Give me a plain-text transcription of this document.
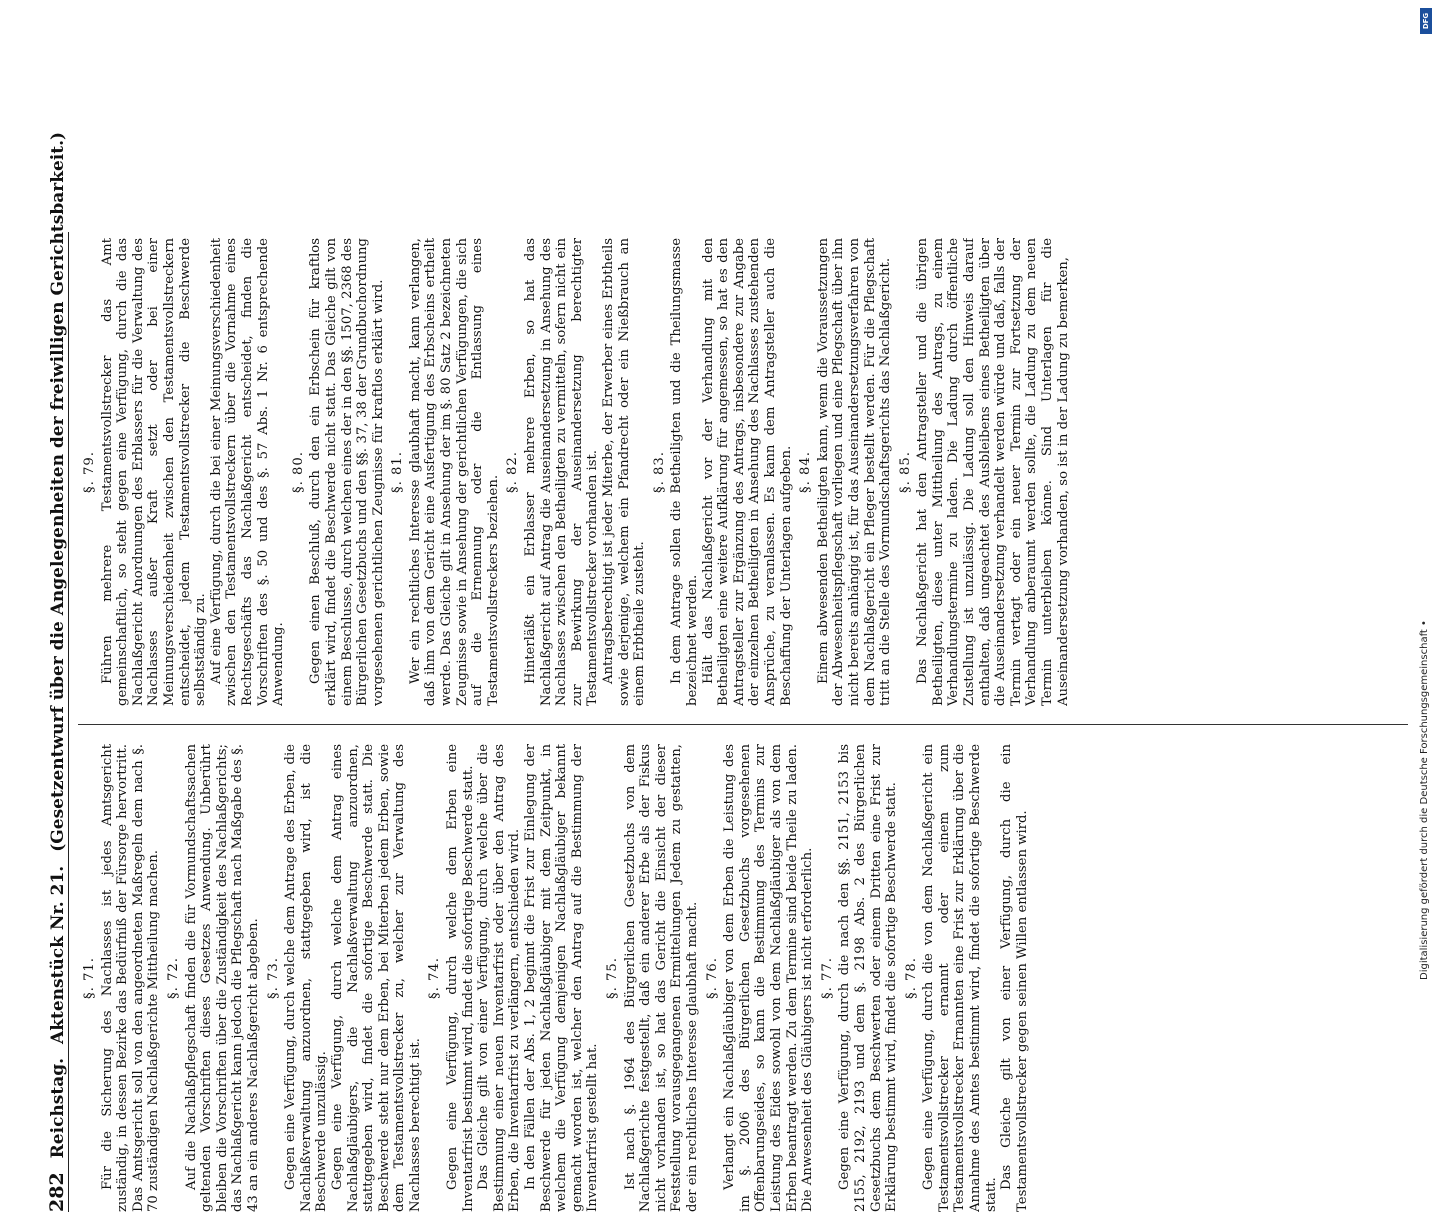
282
Reichstag.
Aktenstück Nr. 21.
(Gesetzentwurf über die Angelegenheiten der freiwilligen Gerichtsbarkeit.)
§. 71. Für die Sicherung des Nachlasses ist jedes Amtsgericht zuständig, in dessen Bezirke das Bedürfniß der Fürsorge hervortritt. Das Amtsgericht soll von den angeordneten Maßregeln dem nach §. 70 zuständigen Nachlaßgerichte Mittheilung machen. §. 72. Auf die Nachlaßpflegschaft finden die für Vormundschaftssachen geltenden Vorschriften dieses Gesetzes Anwendung. Unberührt bleiben die Vorschriften über die Zuständigkeit des Nachlaßgerichts; das Nachlaßgericht kann jedoch die Pflegschaft nach Maßgabe des §. 43 an ein anderes Nachlaßgericht abgeben. §. 73. Gegen eine Verfügung, durch welche dem Antrage des Erben, die Nachlaßverwaltung anzuordnen, stattgegeben wird, ist die Beschwerde unzulässig. Gegen eine Verfügung, durch welche dem Antrag eines Nachlaßgläubigers, die Nachlaßverwaltung anzuordnen, stattgegeben wird, findet die sofortige Beschwerde statt. Die Beschwerde steht nur dem Erben, bei Miterben jedem Erben, sowie dem Testamentsvollstrecker zu, welcher zur Verwaltung des Nachlasses berechtigt ist.

§. 74. Gegen eine Verfügung, durch welche dem Erben eine Inventarfrist bestimmt wird, findet die sofortige Beschwerde statt. Das Gleiche gilt von einer Verfügung, durch welche über die Bestimmung einer neuen Inventarfrist oder über den Antrag des Erben, die Inventarfrist zu verlängern, entschieden wird. In den Fällen der Abs. 1, 2 beginnt die Frist zur Einlegung der Beschwerde für jeden Nachlaßgläubiger mit dem Zeitpunkt, in welchem die Verfügung demjenigen Nachlaßgläubiger bekannt gemacht worden ist, welcher den Antrag auf die Bestimmung der Inventarfrist gestellt hat.

§. 75. Ist nach §. 1964 des Bürgerlichen Gesetzbuchs von dem Nachlaßgerichte festgestellt, daß ein anderer Erbe als der Fiskus nicht vorhanden ist, so hat das Gericht die Einsicht der dieser Feststellung vorausgegangenen Ermittelungen Jedem zu gestatten, der ein rechtliches Interesse glaubhaft macht. §. 76. Verlangt ein Nachlaßgläubiger von dem Erben die Leistung des im §. 2006 des Bürgerlichen Gesetzbuchs vorgesehenen Offenbarungseides, so kann die Bestimmung des Termins zur Leistung des Eides sowohl von dem Nachlaßgläubiger als von dem Erben beantragt werden. Zu dem Termine sind beide Theile zu laden. Die Anwesenheit des Gläubigers ist nicht erforderlich. §. 77. Gegen eine Verfügung, durch die nach den §§. 2151, 2153 bis 2155, 2192, 2193 und dem §. 2198 Abs. 2 des Bürgerlichen Gesetzbuchs dem Beschwerten oder einem Dritten eine Frist zur Erklärung bestimmt wird, findet die sofortige Beschwerde statt. §. 78. Gegen eine Verfügung, durch die von dem Nachlaßgericht ein Testamentsvollstrecker ernannt oder einem zum Testamentsvollstrecker Ernannten eine Frist zur Erklärung über die Annahme des Amtes bestimmt wird, findet die sofortige Beschwerde statt.

Das Gleiche gilt von einer Verfügung, durch die ein Testamentsvollstrecker gegen seinen Willen entlassen wird.

§. 79. Führen mehrere Testamentsvollstrecker das Amt gemeinschaftlich, so steht gegen eine Verfügung, durch die das Nachlaßgericht Anordnungen des Erblassers für die Verwaltung des Nachlasses außer Kraft setzt oder bei einer Meinungsverschiedenheit zwischen den Testamentsvollstreckern entscheidet, jedem Testamentsvollstrecker die Beschwerde selbstständig zu. Auf eine Verfügung, durch die bei einer Meinungsverschiedenheit zwischen den Testamentsvollstreckern über die Vornahme eines Rechtsgeschäfts das Nachlaßgericht entscheidet, finden die Vorschriften des §. 50 und des §. 57 Abs. 1 Nr. 6 entsprechende Anwendung.

§. 80. Gegen einen Beschluß, durch den ein Erbschein für kraftlos erklärt wird, findet die Beschwerde nicht statt. Das Gleiche gilt von einem Beschlusse, durch welchen eines der in den §§. 1507, 2368 des Bürgerlichen Gesetzbuchs und den §§. 37, 38 der Grundbuchordnung vorgesehenen gerichtlichen Zeugnisse für kraftlos erklärt wird. §. 81. Wer ein rechtliches Interesse glaubhaft macht, kann verlangen, daß ihm von dem Gericht eine Ausfertigung des Erbscheins ertheilt werde. Das Gleiche gilt in Ansehung der im §. 80 Satz 2 bezeichneten Zeugnisse sowie in Ansehung der gerichtlichen Verfügungen, die sich auf die Ernennung oder die Entlassung eines Testamentsvollstreckers beziehen.

§. 82. Hinterläßt ein Erblasser mehrere Erben, so hat das Nachlaßgericht auf Antrag die Auseinandersetzung in Ansehung des Nachlasses zwischen den Betheiligten zu vermitteln, sofern nicht ein zur Bewirkung der Auseinandersetzung berechtigter Testamentsvollstrecker vorhanden ist. Antragsberechtigt ist jeder Miterbe, der Erwerber eines Erbtheils sowie derjenige, welchem ein Pfandrecht oder ein Nießbrauch an einem Erbtheile zusteht.

§. 83. In dem Antrage sollen die Betheiligten und die Theilungsmasse bezeichnet werden. Hält das Nachlaßgericht vor der Verhandlung mit den Betheiligten eine weitere Aufklärung für angemessen, so hat es den Antragsteller zur Ergänzung des Antrags, insbesondere zur Angabe der einzelnen Betheiligten in Ansehung des Nachlasses zustehenden Ansprüche, zu veranlassen. Es kann dem Antragsteller auch die Beschaffung der Unterlagen aufgeben. §. 84. Einem abwesenden Betheiligten kann, wenn die Voraussetzungen der Abwesenheitspflegschaft vorliegen und eine Pflegschaft über ihn nicht bereits anhängig ist, für das Auseinandersetzungsverfahren von dem Nachlaßgericht ein Pfleger bestellt werden. Für die Pflegschaft tritt an die Stelle des Vormundschaftsgerichts das Nachlaßgericht. §. 85. Das Nachlaßgericht hat den Antragsteller und die übrigen Betheiligten, diese unter Mittheilung des Antrags, zu einem Verhandlungstermine zu laden. Die Ladung durch öffentliche Zustellung ist unzulässig. Die Ladung soll den Hinweis darauf enthalten, daß ungeachtet des Ausbleibens eines Betheiligten über die Auseinandersetzung verhandelt werden würde und daß, falls der Termin vertagt oder ein neuer Termin zur Fortsetzung der Verhandlung anberaumt werden sollte, die Ladung zu dem neuen Termin unterbleiben könne. Sind Unterlagen für die Auseinandersetzung vorhanden, so ist in der Ladung zu bemerken,

DFG
Digitalisierung gefördert durch die Deutsche Forschungsgemeinschaft •
